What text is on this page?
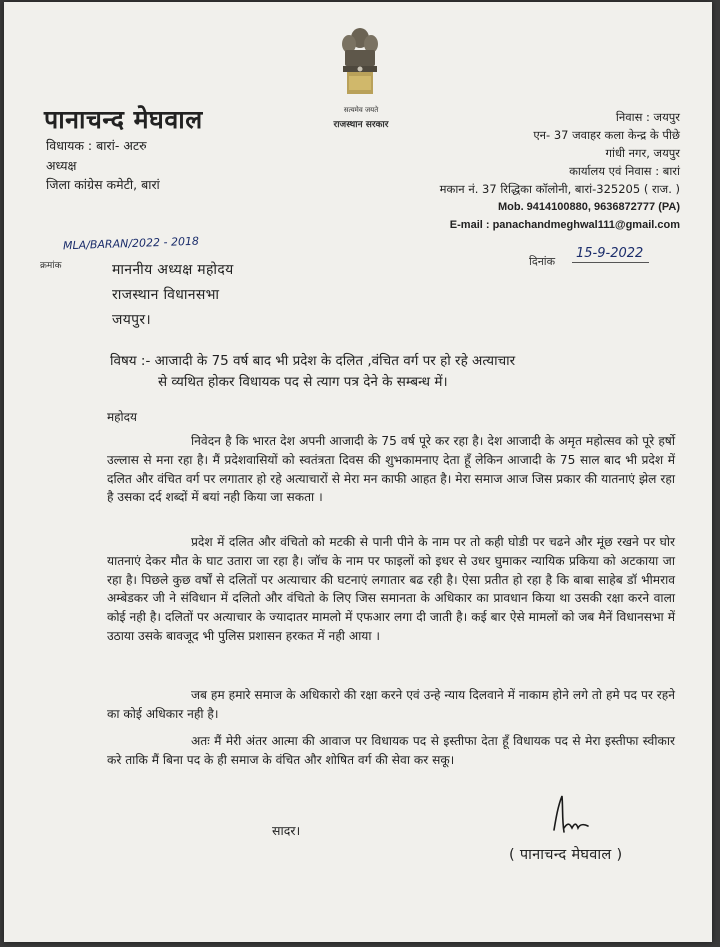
सत्यमेव जयते
राजस्थान सरकार
पानाचन्द मेघवाल
विधायक : बारां- अटरु
अध्यक्ष
जिला कांग्रेस कमेटी, बारां
निवास : जयपुर
एन- 37 जवाहर कला केन्द्र के पीछे
गांधी नगर, जयपुर
कार्यालय एवं निवास : बारां
मकान नं. 37 रिद्धिका कॉलोनी, बारां-325205 ( राज. )
Mob. 9414100880, 9636872777 (PA)
E-mail : panachandmeghwal111@gmail.com
क्रमांक
MLA/BARAN/2022 - 2018
दिनांक
15-9-2022
माननीय अध्यक्ष महोदय
राजस्थान विधानसभा
जयपुर।
विषय :- आजादी के 75 वर्ष बाद भी प्रदेश के दलित ,वंचित वर्ग पर हो रहे अत्याचार
से व्यथित होकर विधायक पद से त्याग पत्र देने के सम्बन्ध में।
महोदय
निवेदन है कि भारत देश अपनी आजादी के 75 वर्ष पूरे कर रहा है। देश आजादी के अमृत महोत्सव को पूरे हर्षो उल्लास से मना रहा है। मैं प्रदेशवासियों को स्वतंत्रता दिवस की शुभकामनाए देता हूँ लेकिन आजादी के 75 साल बाद भी प्रदेश में दलित और वंचित वर्ग पर लगातार हो रहे अत्याचारों से मेरा मन काफी आहत है। मेरा समाज आज जिस प्रकार की यातनाएं झेल रहा है उसका दर्द शब्दों में बयां नही किया जा सकता ।
प्रदेश में दलित और वंचितो को मटकी से पानी पीने के नाम पर तो कही घोडी पर चढने और मूंछ रखने पर घोर यातनाएं देकर मौत के घाट उतारा जा रहा है। जॉच के नाम पर फाइलों को इधर से उधर घुमाकर न्यायिक प्रकिया को अटकाया जा रहा है। पिछले कुछ वर्षों से दलितों पर अत्याचार की घटनाएं लगातार बढ रही है। ऐसा प्रतीत हो रहा है कि बाबा साहेब डॉ भीमराव अम्बेडकर जी ने संविधान में दलितो और वंचितो के लिए जिस समानता के अधिकार का प्रावधान किया था उसकी रक्षा करने वाला कोई नही है। दलितों पर अत्याचार के ज्यादातर मामलो में एफआर लगा दी जाती है। कई बार ऐसे मामलों को जब मैनें विधानसभा में उठाया उसके बावजूद भी पुलिस प्रशासन हरकत में नही आया ।
जब हम हमारे समाज के अधिकारो की रक्षा करने एवं उन्हे न्याय दिलवाने में नाकाम होने लगे तो हमे पद पर रहने का कोई अधिकार नही है।
अतः मैं मेरी अंतर आत्मा की आवाज पर विधायक पद से इस्तीफा देता हूँ विधायक पद से मेरा इस्तीफा स्वीकार करे ताकि मैं बिना पद के ही समाज के वंचित और शोषित वर्ग की सेवा कर सकू।
सादर।
( पानाचन्द मेघवाल )
